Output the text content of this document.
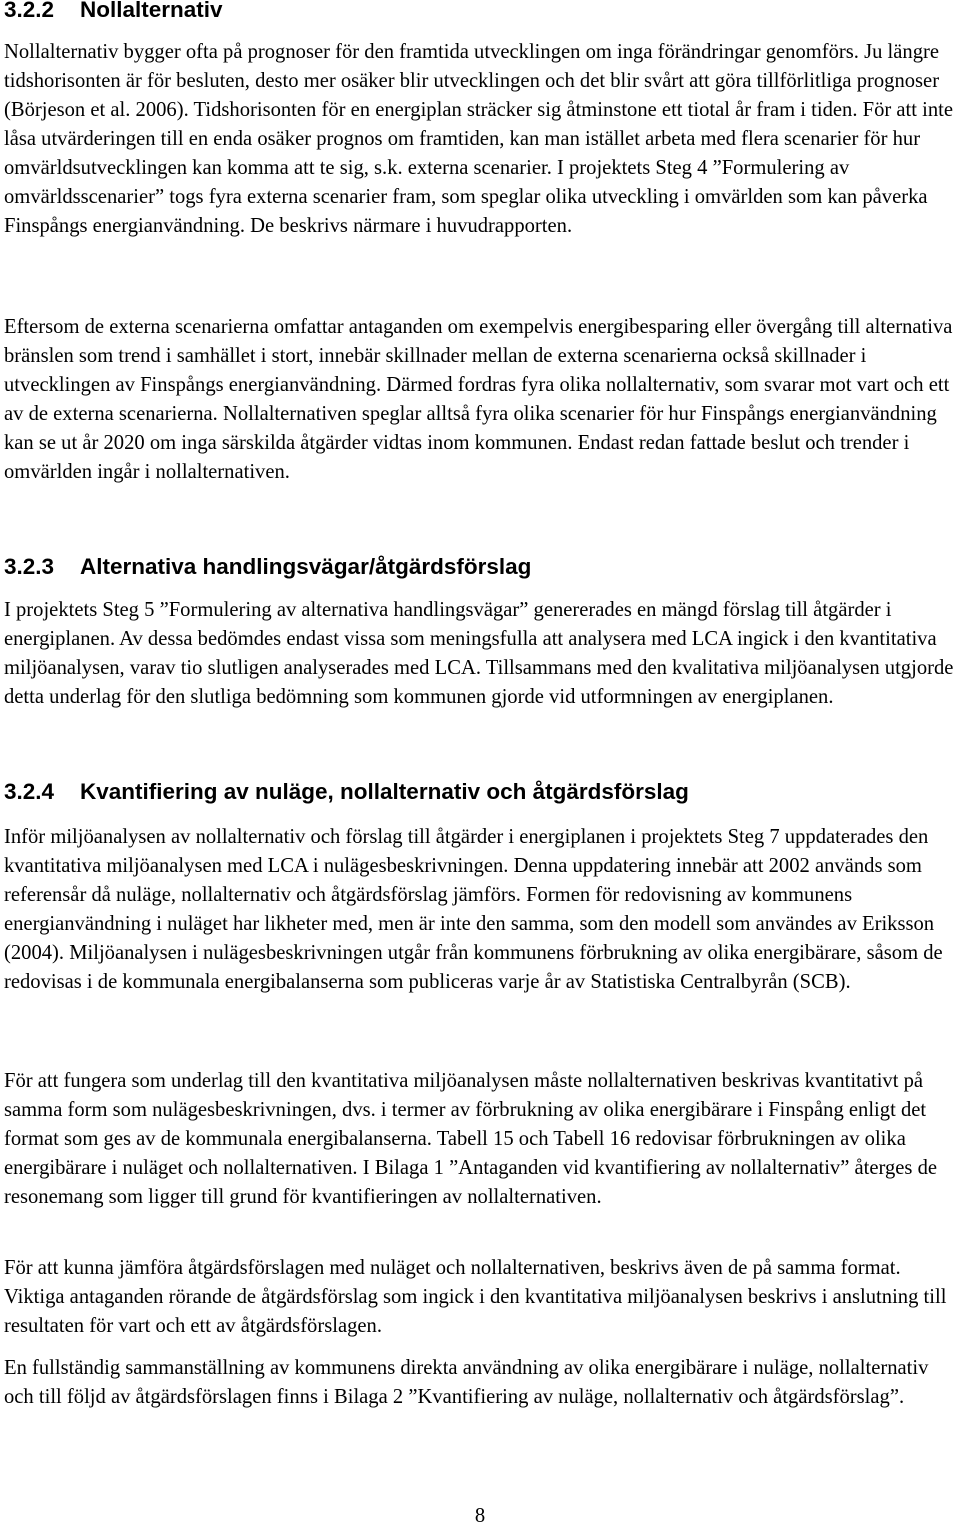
3.2.2 Nollalternativ

Nollalternativ bygger ofta på prognoser för den framtida utvecklingen om inga förändringar genomförs. Ju längre tidshorisonten är för besluten, desto mer osäker blir utvecklingen och det blir svårt att göra tillförlitliga prognoser (Börjeson et al. 2006). Tidshorisonten för en energiplan sträcker sig åtminstone ett tiotal år fram i tiden. För att inte låsa utvärderingen till en enda osäker prognos om framtiden, kan man istället arbeta med flera scenarier för hur omvärldsutvecklingen kan komma att te sig, s.k. externa scenarier. I projektets Steg 4 ”Formulering av omvärldsscenarier” togs fyra externa scenarier fram, som speglar olika utveckling i omvärlden som kan påverka Finspångs energianvändning. De beskrivs närmare i huvudrapporten.

Eftersom de externa scenarierna omfattar antaganden om exempelvis energibesparing eller övergång till alternativa bränslen som trend i samhället i stort, innebär skillnader mellan de externa scenarierna också skillnader i utvecklingen av Finspångs energianvändning. Därmed fordras fyra olika nollalternativ, som svarar mot vart och ett av de externa scenarierna. Nollalternativen speglar alltså fyra olika scenarier för hur Finspångs energianvändning kan se ut år 2020 om inga särskilda åtgärder vidtas inom kommunen. Endast redan fattade beslut och trender i omvärlden ingår i nollalternativen.

3.2.3 Alternativa handlingsvägar/åtgärdsförslag

I projektets Steg 5 ”Formulering av alternativa handlingsvägar” genererades en mängd förslag till åtgärder i energiplanen. Av dessa bedömdes endast vissa som meningsfulla att analysera med LCA ingick i den kvantitativa miljöanalysen, varav tio slutligen analyserades med LCA. Tillsammans med den kvalitativa miljöanalysen utgjorde detta underlag för den slutliga bedömning som kommunen gjorde vid utformningen av energiplanen.

3.2.4 Kvantifiering av nuläge, nollalternativ och åtgärdsförslag

Inför miljöanalysen av nollalternativ och förslag till åtgärder i energiplanen i projektets Steg 7 uppdaterades den kvantitativa miljöanalysen med LCA i nulägesbeskrivningen. Denna uppdatering innebär att 2002 används som referensår då nuläge, nollalternativ och åtgärdsförslag jämförs. Formen för redovisning av kommunens energianvändning i nuläget har likheter med, men är inte den samma, som den modell som användes av Eriksson (2004). Miljöanalysen i nulägesbeskrivningen utgår från kommunens förbrukning av olika energibärare, såsom de redovisas i de kommunala energibalanserna som publiceras varje år av Statistiska Centralbyrån (SCB).

För att fungera som underlag till den kvantitativa miljöanalysen måste nollalternativen beskrivas kvantitativt på samma form som nulägesbeskrivningen, dvs. i termer av förbrukning av olika energibärare i Finspång enligt det format som ges av de kommunala energibalanserna. Tabell 15 och Tabell 16 redovisar förbrukningen av olika energibärare i nuläget och nollalternativen. I Bilaga 1 ”Antaganden vid kvantifiering av nollalternativ” återges de resonemang som ligger till grund för kvantifieringen av nollalternativen.

För att kunna jämföra åtgärdsförslagen med nuläget och nollalternativen, beskrivs även de på samma format. Viktiga antaganden rörande de åtgärdsförslag som ingick i den kvantitativa miljöanalysen beskrivs i anslutning till resultaten för vart och ett av åtgärdsförslagen.

En fullständig sammanställning av kommunens direkta användning av olika energibärare i nuläge, nollalternativ och till följd av åtgärdsförslagen finns i Bilaga 2 ”Kvantifiering av nuläge, nollalternativ och åtgärdsförslag”.

8
